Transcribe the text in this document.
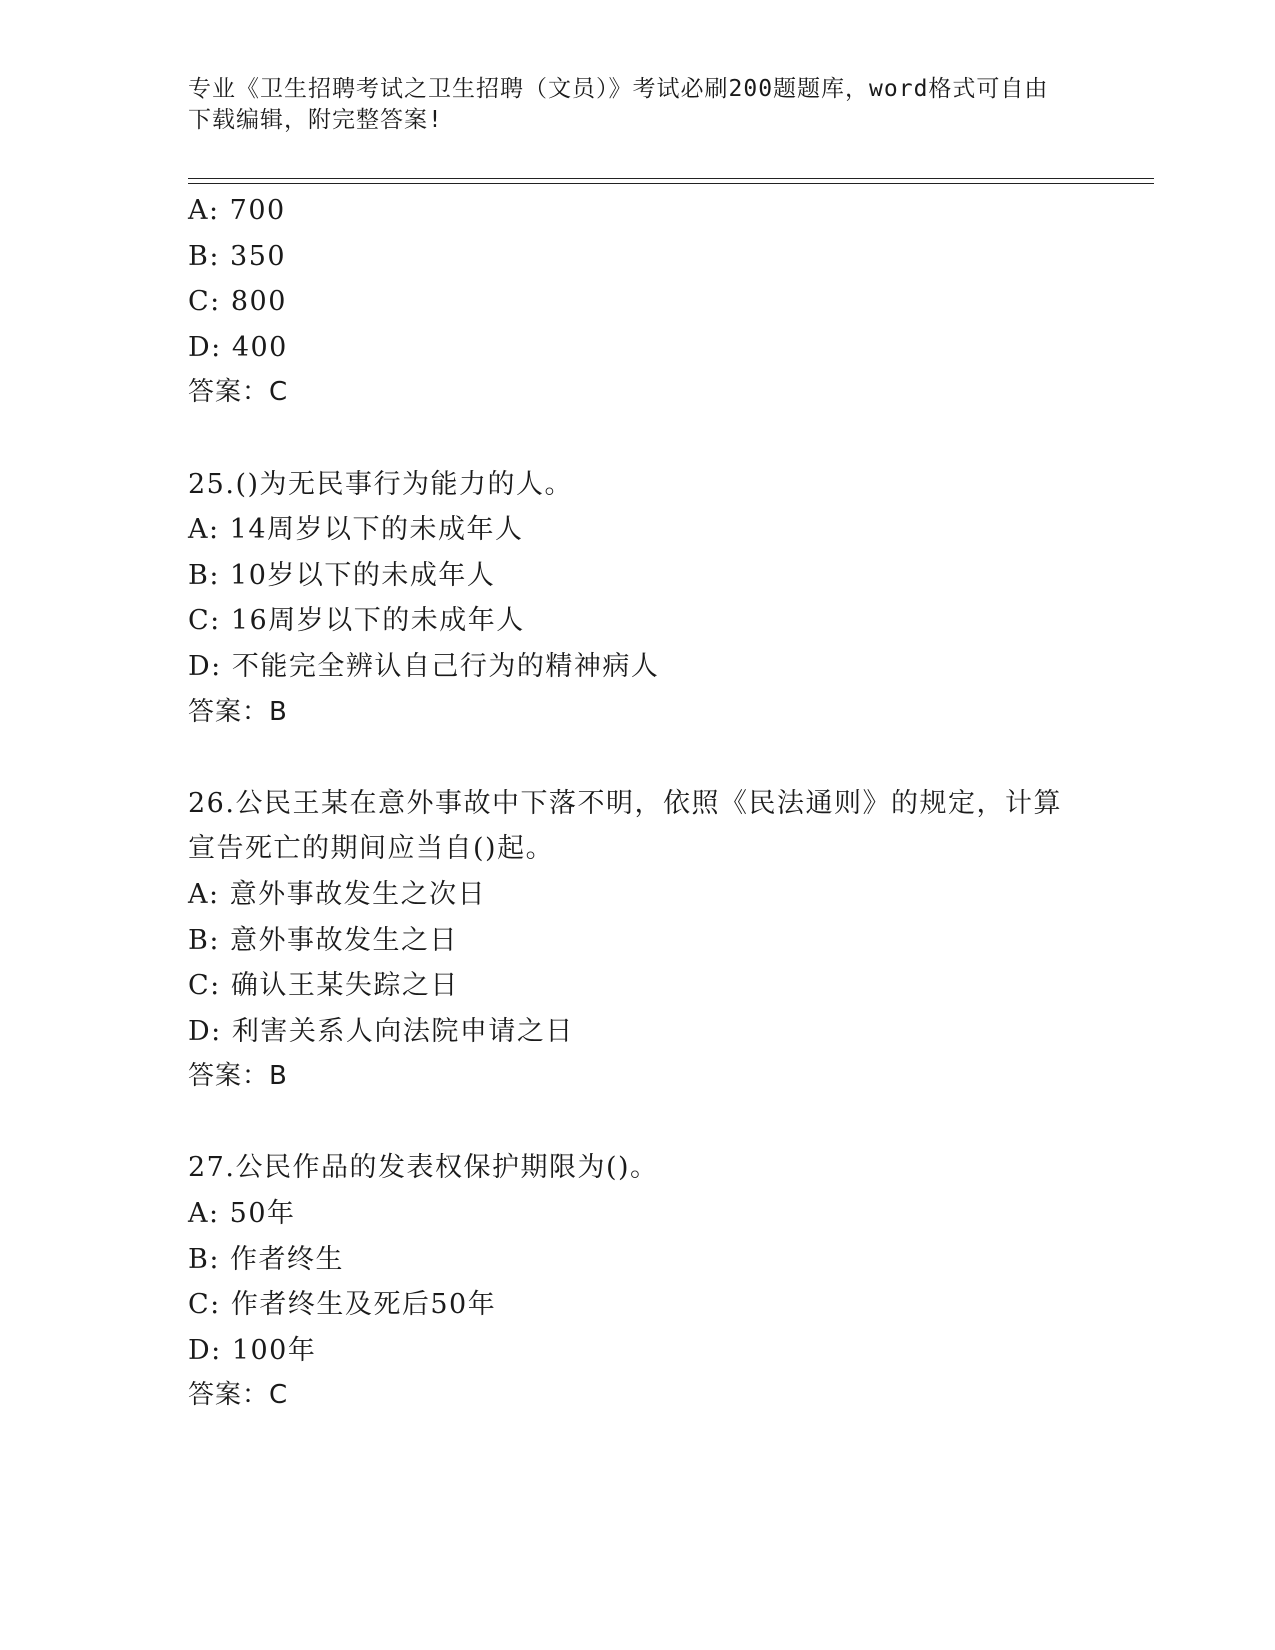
专业《卫生招聘考试之卫生招聘（文员）》考试必刷200题题库，word格式可自由下载编辑，附完整答案!
A: 700
B: 350
C: 800
D: 400
答案：C
25.()为无民事行为能力的人。
A: 14周岁以下的未成年人
B: 10岁以下的未成年人
C: 16周岁以下的未成年人
D: 不能完全辨认自己行为的精神病人
答案：B
26.公民王某在意外事故中下落不明，依照《民法通则》的规定，计算宣告死亡的期间应当自()起。
A: 意外事故发生之次日
B: 意外事故发生之日
C: 确认王某失踪之日
D: 利害关系人向法院申请之日
答案：B
27.公民作品的发表权保护期限为()。
A: 50年
B: 作者终生
C: 作者终生及死后50年
D: 100年
答案：C
